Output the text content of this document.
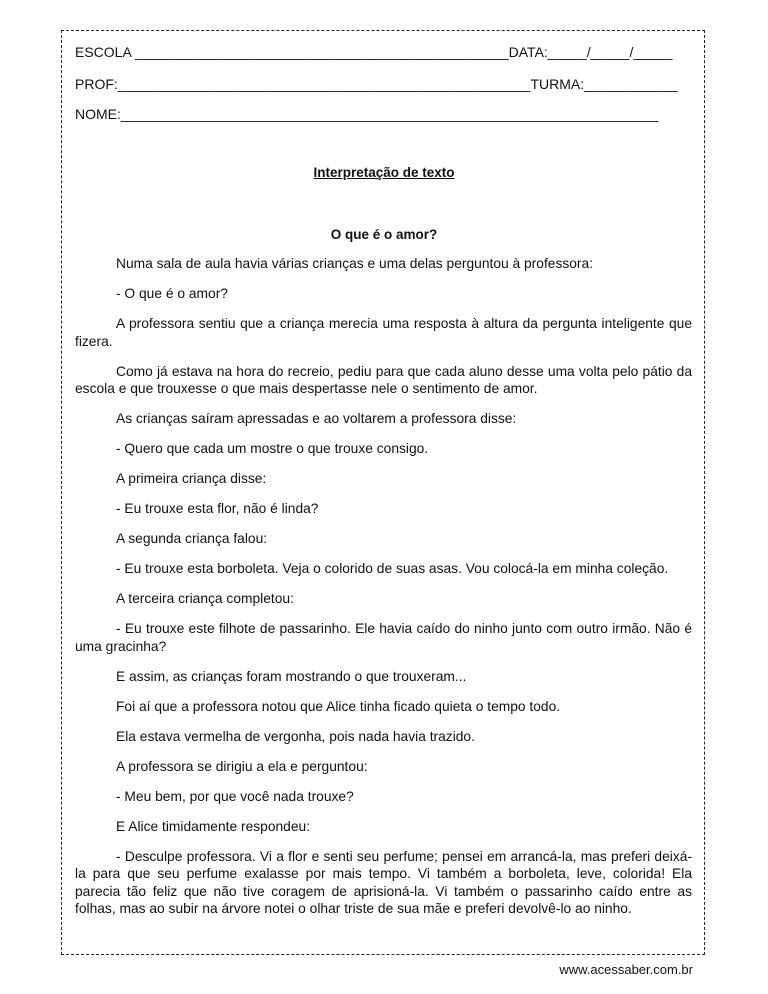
ESCOLA ________________________________________________DATA:_____/_____/_____
PROF:_____________________________________________________TURMA:____________
NOME:_____________________________________________________________________
Interpretação de texto
O que é o amor?

Numa sala de aula havia várias crianças e uma delas perguntou à professora:

- O que é o amor?

A professora sentiu que a criança merecia uma resposta à altura da pergunta inteligente que fizera.

Como já estava na hora do recreio, pediu para que cada aluno desse uma volta pelo pátio da escola e que trouxesse o que mais despertasse nele o sentimento de amor.

As crianças saíram apressadas e ao voltarem a professora disse:

- Quero que cada um mostre o que trouxe consigo.

A primeira criança disse:

- Eu trouxe esta flor, não é linda?

A segunda criança falou:

- Eu trouxe esta borboleta. Veja o colorido de suas asas. Vou colocá-la em minha coleção.

A terceira criança completou:

- Eu trouxe este filhote de passarinho. Ele havia caído do ninho junto com outro irmão. Não é uma gracinha?

E assim, as crianças foram mostrando o que trouxeram...

Foi aí que a professora notou que Alice tinha ficado quieta o tempo todo.

Ela estava vermelha de vergonha, pois nada havia trazido.

A professora se dirigiu a ela e perguntou:

- Meu bem, por que você nada trouxe?

E Alice timidamente respondeu:

- Desculpe professora. Vi a flor e senti seu perfume; pensei em arrancá-la, mas preferi deixá-la para que seu perfume exalasse por mais tempo. Vi também a borboleta, leve, colorida! Ela parecia tão feliz que não tive coragem de aprisioná-la. Vi também o passarinho caído entre as folhas, mas ao subir na árvore notei o olhar triste de sua mãe e preferi devolvê-lo ao ninho.

www.acessaber.com.br
